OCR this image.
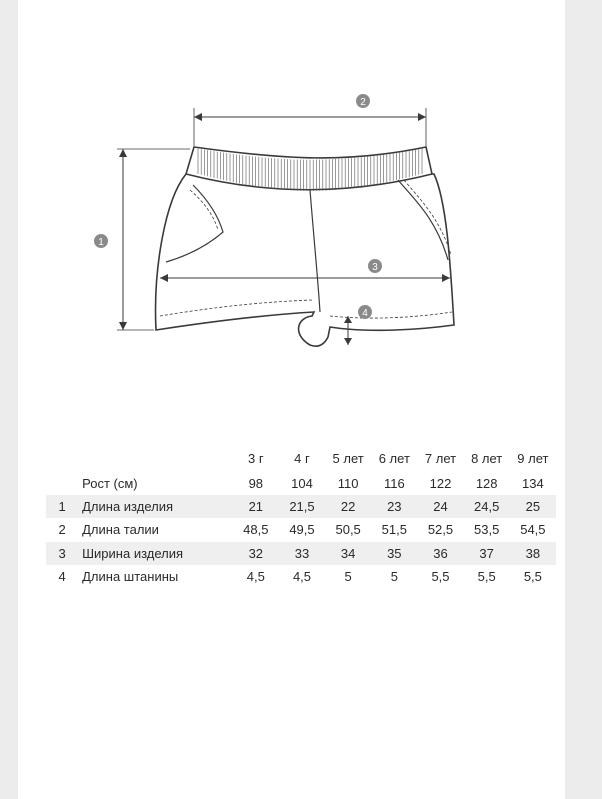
1
2
3
4
		3 г	4 г	5 лет	6 лет	7 лет	8 лет	9 лет
	Рост (см)	98	104	110	116	122	128	134
1	Длина изделия	21	21,5	22	23	24	24,5	25
2	Длина талии	48,5	49,5	50,5	51,5	52,5	53,5	54,5
3	Ширина изделия	32	33	34	35	36	37	38
4	Длина штанины	4,5	4,5	5	5	5,5	5,5	5,5
